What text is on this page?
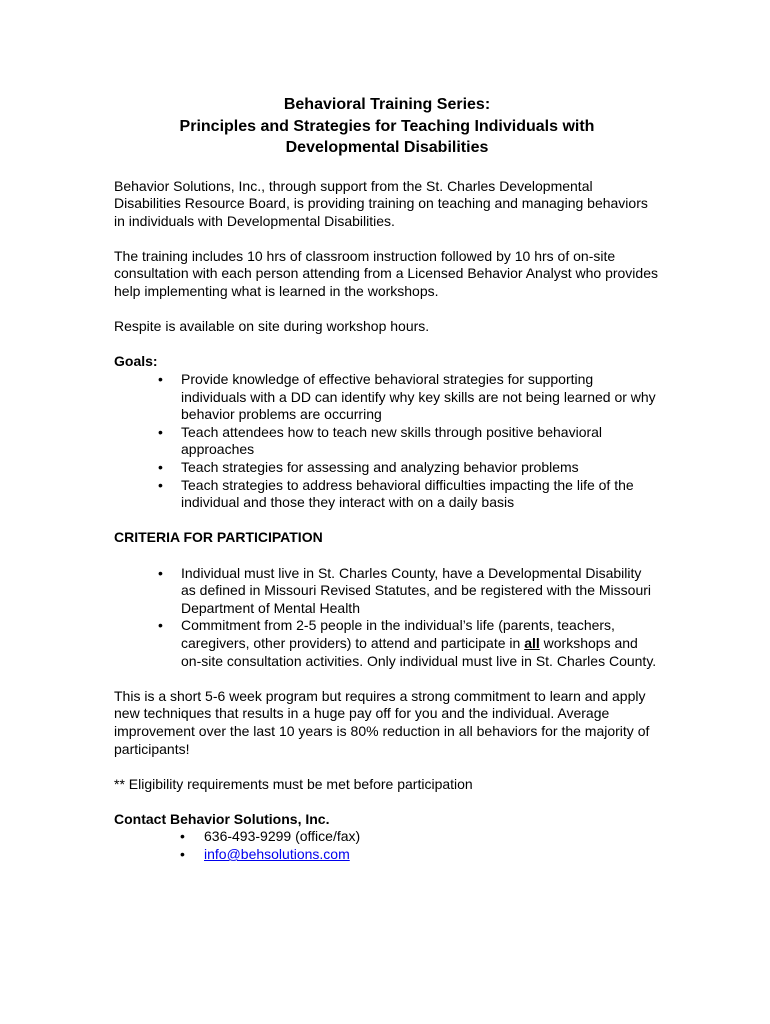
Behavioral Training Series:
Principles and Strategies for Teaching Individuals with
Developmental Disabilities

Behavior Solutions, Inc., through support from the St. Charles Developmental Disabilities Resource Board, is providing training on teaching and managing behaviors in individuals with Developmental Disabilities.

The training includes 10 hrs of classroom instruction followed by 10 hrs of on-site consultation with each person attending from a Licensed Behavior Analyst who provides help implementing what is learned in the workshops.

Respite is available on site during workshop hours.

Goals:
• Provide knowledge of effective behavioral strategies for supporting individuals with a DD can identify why key skills are not being learned or why behavior problems are occurring
• Teach attendees how to teach new skills through positive behavioral approaches
• Teach strategies for assessing and analyzing behavior problems
• Teach strategies to address behavioral difficulties impacting the life of the individual and those they interact with on a daily basis
CRITERIA FOR PARTICIPATION
• Individual must live in St. Charles County, have a Developmental Disability as defined in Missouri Revised Statutes, and be registered with the Missouri Department of Mental Health
• Commitment from 2-5 people in the individual’s life (parents, teachers, caregivers, other providers) to attend and participate in all workshops and on-site consultation activities. Only individual must live in St. Charles County.

This is a short 5-6 week program but requires a strong commitment to learn and apply new techniques that results in a huge pay off for you and the individual. Average improvement over the last 10 years is 80% reduction in all behaviors for the majority of participants!

** Eligibility requirements must be met before participation

Contact Behavior Solutions, Inc.
• 636-493-9299 (office/fax)
• info@behsolutions.com
